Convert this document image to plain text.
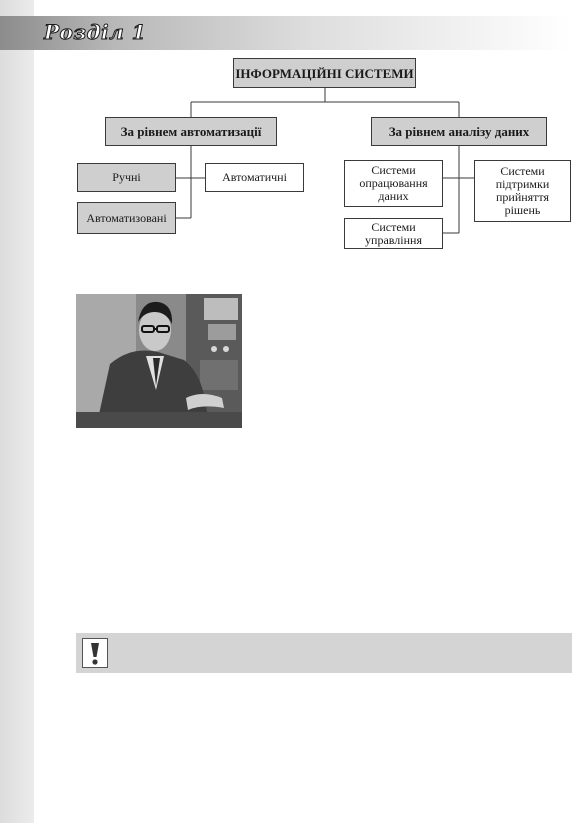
Розділ 1
ІНФОРМАЦІЙНІ СИСТЕМИ
За рівнем автоматизації	За рівнем аналізу даних
Ручні	Автоматичні
Автоматизовані
Системи опрацювання даних
Системи підтримки прийняття рішень
Системи управління
